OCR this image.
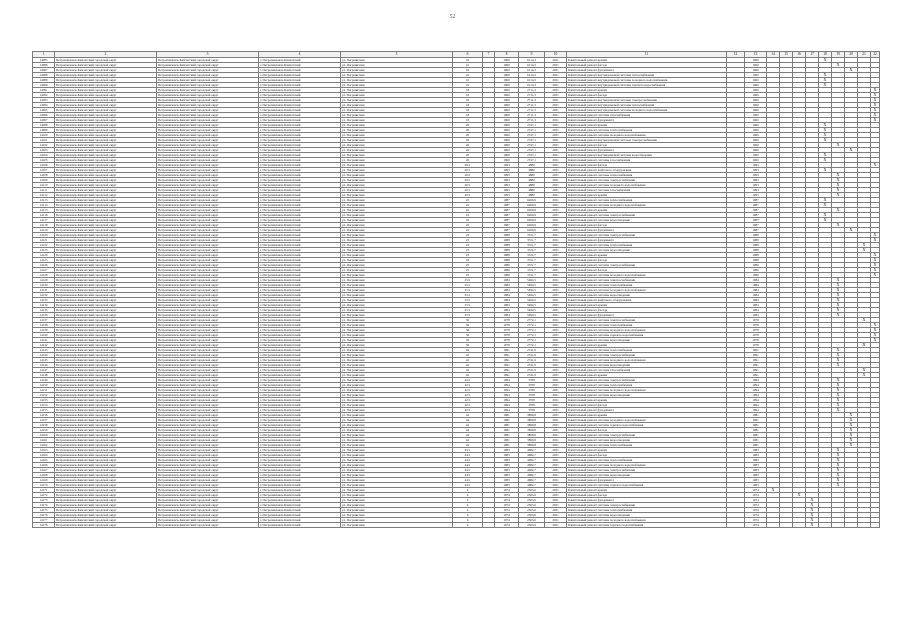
52
1	2	3	4	5	6	7	8	9	10	11	12	13	14	15	16	17	18	19	20	21	22
14085	Петропавловск-Камчатский городской округ	Петропавловск-Камчатский городской округ	г. Петропавловск-Камчатский	ул. Пограничная	16		1960	6114,3	2021	Капитальный ремонт крыши		1960					X				
14086	Петропавловск-Камчатский городской округ	Петропавловск-Камчатский городской округ	г. Петропавловск-Камчатский	ул. Пограничная	16		1960	6114,3	2021	Капитальный ремонт фасада		1960						X			
14087	Петропавловск-Камчатский городской округ	Петропавловск-Камчатский городской округ	г. Петропавловск-Камчатский	ул. Пограничная	16		1960	6114,3	2021	Капитальный ремонт фундамента		1960							X		
14088	Петропавловск-Камчатский городской округ	Петропавловск-Камчатский городской округ	г. Петропавловск-Камчатский	ул. Пограничная	16		1960	6114,3	2021	Капитальный ремонт внутридомовой системы теплоснабжения		1960					X				
14089	Петропавловск-Камчатский городской округ	Петропавловск-Камчатский городской округ	г. Петропавловск-Камчатский	ул. Пограничная	16		1960	6114,3	2021	Капитальный ремонт внутридомовой системы холодного водоснабжения		1960					X				
14090	Петропавловск-Камчатский городской округ	Петропавловск-Камчатский городской округ	г. Петропавловск-Камчатский	ул. Пограничная	16		1960	6114,3	2021	Капитальный ремонт внутридомовой системы горячего водоснабжения		1960					X				
14091	Петропавловск-Камчатский городской округ	Петропавловск-Камчатский городской округ	г. Петропавловск-Камчатский	ул. Пограничная	18		1960	2711,3	2021	Капитальный ремонт крыши		1960									X
14092	Петропавловск-Камчатский городской округ	Петропавловск-Камчатский городской округ	г. Петропавловск-Камчатский	ул. Пограничная	18		1960	2711,3	2021	Капитальный ремонт фасада		1960									X
14093	Петропавловск-Камчатский городской округ	Петропавловск-Камчатский городской округ	г. Петропавловск-Камчатский	ул. Пограничная	18		1960	2711,3	2021	Капитальный ремонт внутридомовой системы электроснабжения		1960									X
14094	Петропавловск-Камчатский городской округ	Петропавловск-Камчатский городской округ	г. Петропавловск-Камчатский	ул. Пограничная	18		1960	2711,3	2021	Капитальный ремонт внутридомовой системы теплоснабжения		1960									X
14095	Петропавловск-Камчатский городской округ	Петропавловск-Камчатский городской округ	г. Петропавловск-Камчатский	ул. Пограничная	18		1960	2711,3	2021	Капитальный ремонт внутридомовой системы холодного водоснабжения		1960									X
14096	Петропавловск-Камчатский городской округ	Петропавловск-Камчатский городской округ	г. Петропавловск-Камчатский	ул. Пограничная	18		1960	2711,3	2021	Капитальный ремонт системы газоснабжения		1960									X
14097	Петропавловск-Камчатский городской округ	Петропавловск-Камчатский городской округ	г. Петропавловск-Камчатский	ул. Пограничная	18		1960	2711,3	2021	Капитальный ремонт фундамента		1960									X
14098	Петропавловск-Камчатский городской округ	Петропавловск-Камчатский городской округ	г. Петропавловск-Камчатский	ул. Пограничная	20		1960	2747,1	2021	Капитальный ремонт крыши		1960					X				
14099	Петропавловск-Камчатский городской округ	Петропавловск-Камчатский городской округ	г. Петропавловск-Камчатский	ул. Пограничная	20		1960	2747,1	2021	Капитальный ремонт системы теплоснабжения		1960					X				
14100	Петропавловск-Камчатский городской округ	Петропавловск-Камчатский городской округ	г. Петропавловск-Камчатский	ул. Пограничная	20		1960	2747,1	2021	Капитальный ремонт системы холодного водоснабжения		1960					X				
14101	Петропавловск-Камчатский городской округ	Петропавловск-Камчатский городской округ	г. Петропавловск-Камчатский	ул. Пограничная	20		1960	2747,1	2021	Капитальный ремонт внутридомовой системы электроснабжения		1960					X				
14102	Петропавловск-Камчатский городской округ	Петропавловск-Камчатский городской округ	г. Петропавловск-Камчатский	ул. Пограничная	20		1960	2747,1	2021	Капитальный ремонт фасада		1960						X			
14103	Петропавловск-Камчатский городской округ	Петропавловск-Камчатский городской округ	г. Петропавловск-Камчатский	ул. Пограничная	20		1960	2747,1	2021	Капитальный ремонт фундамента		1960							X		
14104	Петропавловск-Камчатский городской округ	Петропавловск-Камчатский городской округ	г. Петропавловск-Камчатский	ул. Пограничная	20		1960	2747,1	2021	Капитальный ремонт внутридомовой системы водоотведения		1960					X				
14105	Петропавловск-Камчатский городской округ	Петропавловск-Камчатский городской округ	г. Петропавловск-Камчатский	ул. Пограничная	20		1960	2747,1	2021	Капитальный ремонт системы газоснабжения		1960					X				
14106	Петропавловск-Камчатский городской округ	Петропавловск-Камчатский городской округ	г. Петропавловск-Камчатский	ул. Пограничная	20/1		1993	4880	2021	Капитальный ремонт фасада		1993									X
14107	Петропавловск-Камчатский городской округ	Петропавловск-Камчатский городской округ	г. Петропавловск-Камчатский	ул. Пограничная	20/1		1993	4880	2021	Капитальный ремонт лифтового оборудования		1993					X				
14108	Петропавловск-Камчатский городской округ	Петропавловск-Камчатский городской округ	г. Петропавловск-Камчатский	ул. Пограничная	20/1		1993	4880	2021	Капитальный ремонт системы теплоснабжения		1993						X			
14109	Петропавловск-Камчатский городской округ	Петропавловск-Камчатский городской округ	г. Петропавловск-Камчатский	ул. Пограничная	20/1		1993	4880	2021	Капитальный ремонт системы электроснабжения		1993						X			
14110	Петропавловск-Камчатский городской округ	Петропавловск-Камчатский городской округ	г. Петропавловск-Камчатский	ул. Пограничная	20/1		1993	4880	2021	Капитальный ремонт системы холодного водоснабжения		1993						X			
14111	Петропавловск-Камчатский городской округ	Петропавловск-Камчатский городской округ	г. Петропавловск-Камчатский	ул. Пограничная	20/1		1993	4880	2021	Капитальный ремонт системы газоснабжения		1993						X			
14112	Петропавловск-Камчатский городской округ	Петропавловск-Камчатский городской округ	г. Петропавловск-Камчатский	ул. Пограничная	20/1		1993	4880	2021	Капитальный ремонт крыши		1993						X			
14113	Петропавловск-Камчатский городской округ	Петропавловск-Камчатский городской округ	г. Петропавловск-Камчатский	ул. Пограничная	22		1987	6269,9	2021	Капитальный ремонт системы теплоснабжения		1987					X				
14114	Петропавловск-Камчатский городской округ	Петропавловск-Камчатский городской округ	г. Петропавловск-Камчатский	ул. Пограничная	22		1987	6269,9	2021	Капитальный ремонт системы холодного водоснабжения		1987					X				
14115	Петропавловск-Камчатский городской округ	Петропавловск-Камчатский городской округ	г. Петропавловск-Камчатский	ул. Пограничная	22		1987	6269,9	2021	Капитальный ремонт крыши		1987						X			
14116	Петропавловск-Камчатский городской округ	Петропавловск-Камчатский городской округ	г. Петропавловск-Камчатский	ул. Пограничная	22		1987	6269,9	2021	Капитальный ремонт системы электроснабжения		1987					X				
14117	Петропавловск-Камчатский городской округ	Петропавловск-Камчатский городской округ	г. Петропавловск-Камчатский	ул. Пограничная	22		1987	6269,9	2021	Капитальный ремонт системы водоотведения		1987					X				
14118	Петропавловск-Камчатский городской округ	Петропавловск-Камчатский городской округ	г. Петропавловск-Камчатский	ул. Пограничная	22		1987	6269,9	2021	Капитальный ремонт фасада		1987						X			
14119	Петропавловск-Камчатский городской округ	Петропавловск-Камчатский городской округ	г. Петропавловск-Камчатский	ул. Пограничная	22		1987	6269,9	2021	Капитальный ремонт фундамента		1987							X		
14120	Петропавловск-Камчатский городской округ	Петропавловск-Камчатский городской округ	г. Петропавловск-Камчатский	ул. Пограничная	23		1988	3721,7	2021	Капитальный ремонт системы электроснабжения		1988									X
14121	Петропавловск-Камчатский городской округ	Петропавловск-Камчатский городской округ	г. Петропавловск-Камчатский	ул. Пограничная	23		1988	3721,7	2021	Капитальный ремонт фундамента		1988									X
14122	Петропавловск-Камчатский городской округ	Петропавловск-Камчатский городской округ	г. Петропавловск-Камчатский	ул. Пограничная	23		1988	3721,7	2021	Капитальный ремонт системы теплоснабжения		1988								X	
14123	Петропавловск-Камчатский городской округ	Петропавловск-Камчатский городской округ	г. Петропавловск-Камчатский	ул. Пограничная	23		1988	3721,7	2021	Капитальный ремонт системы водоотведения		1988								X	
14124	Петропавловск-Камчатский городской округ	Петропавловск-Камчатский городской округ	г. Петропавловск-Камчатский	ул. Пограничная	23		1988	3721,7	2021	Капитальный ремонт крыши		1988									X
14125	Петропавловск-Камчатский городской округ	Петропавловск-Камчатский городской округ	г. Петропавловск-Камчатский	ул. Пограничная	23		1988	3721,7	2021	Капитальный ремонт фасада		1988									X
14126	Петропавловск-Камчатский городской округ	Петропавловск-Камчатский городской округ	г. Петропавловск-Камчатский	ул. Пограничная	25		1986	3721,7	2021	Капитальный ремонт системы электроснабжения		1986									X
14127	Петропавловск-Камчатский городской округ	Петропавловск-Камчатский городской округ	г. Петропавловск-Камчатский	ул. Пограничная	25		1986	3721,7	2021	Капитальный ремонт фасада		1986									X
14128	Петропавловск-Камчатский городской округ	Петропавловск-Камчатский городской округ	г. Петропавловск-Камчатский	ул. Пограничная	25		1986	3721,7	2021	Капитальный ремонт системы холодного водоснабжения		1986									X
14129	Петропавловск-Камчатский городской округ	Петропавловск-Камчатский городской округ	г. Петропавловск-Камчатский	ул. Пограничная	25/1		1984	5494,5	2021	Капитальный ремонт системы электроснабжения		1984						X			
14130	Петропавловск-Камчатский городской округ	Петропавловск-Камчатский городской округ	г. Петропавловск-Камчатский	ул. Пограничная	25/1		1984	5494,5	2021	Капитальный ремонт системы теплоснабжения		1984						X			
14131	Петропавловск-Камчатский городской округ	Петропавловск-Камчатский городской округ	г. Петропавловск-Камчатский	ул. Пограничная	25/1		1984	5494,5	2021	Капитальный ремонт системы холодного водоснабжения		1984						X			
14132	Петропавловск-Камчатский городской округ	Петропавловск-Камчатский городской округ	г. Петропавловск-Камчатский	ул. Пограничная	25/1		1984	5494,5	2021	Капитальный ремонт системы водоотведения		1984						X			
14133	Петропавловск-Камчатский городской округ	Петропавловск-Камчатский городской округ	г. Петропавловск-Камчатский	ул. Пограничная	25/1		1984	5494,5	2021	Капитальный ремонт лифтового оборудования		1984						X			
14134	Петропавловск-Камчатский городской округ	Петропавловск-Камчатский городской округ	г. Петропавловск-Камчатский	ул. Пограничная	25/1		1984	5494,5	2021	Капитальный ремонт крыши		1984						X			
14135	Петропавловск-Камчатский городской округ	Петропавловск-Камчатский городской округ	г. Петропавловск-Камчатский	ул. Пограничная	25/1		1984	5494,5	2021	Капитальный ремонт фасада		1984						X			
14136	Петропавловск-Камчатский городской округ	Петропавловск-Камчатский городской округ	г. Петропавловск-Камчатский	ул. Пограничная	25/1		1984	5494,5	2021	Капитальный ремонт фундамента		1984						X			
14137	Петропавловск-Камчатский городской округ	Петропавловск-Камчатский городской округ	г. Петропавловск-Камчатский	ул. Пограничная	36		1978	2772,1	2021	Капитальный ремонт системы электроснабжения		1978								X	
14138	Петропавловск-Камчатский городской округ	Петропавловск-Камчатский городской округ	г. Петропавловск-Камчатский	ул. Пограничная	36		1978	2772,1	2021	Капитальный ремонт системы теплоснабжения		1978									X
14139	Петропавловск-Камчатский городской округ	Петропавловск-Камчатский городской округ	г. Петропавловск-Камчатский	ул. Пограничная	36		1978	2772,1	2021	Капитальный ремонт системы холодного водоснабжения		1978									X
14140	Петропавловск-Камчатский городской округ	Петропавловск-Камчатский городской округ	г. Петропавловск-Камчатский	ул. Пограничная	36		1978	2772,1	2021	Капитальный ремонт системы горячего водоснабжения		1978									X
14141	Петропавловск-Камчатский городской округ	Петропавловск-Камчатский городской округ	г. Петропавловск-Камчатский	ул. Пограничная	36		1978	2772,1	2021	Капитальный ремонт системы водоотведения		1978									X
14142	Петропавловск-Камчатский городской округ	Петропавловск-Камчатский городской округ	г. Петропавловск-Камчатский	ул. Пограничная	36		1978	2772,1	2021	Капитальный ремонт крыши		1978								X	
14143	Петропавловск-Камчатский городской округ	Петропавловск-Камчатский городской округ	г. Петропавловск-Камчатский	ул. Пограничная	42		1991	2741,9	2021	Капитальный ремонт системы теплоснабжения		1991						X			
14144	Петропавловск-Камчатский городской округ	Петропавловск-Камчатский городской округ	г. Петропавловск-Камчатский	ул. Пограничная	42		1991	2741,9	2021	Капитальный ремонт системы электроснабжения		1991						X			
14145	Петропавловск-Камчатский городской округ	Петропавловск-Камчатский городской округ	г. Петропавловск-Камчатский	ул. Пограничная	42		1991	2741,9	2021	Капитальный ремонт системы холодного водоснабжения		1991						X			
14146	Петропавловск-Камчатский городской округ	Петропавловск-Камчатский городской округ	г. Петропавловск-Камчатский	ул. Пограничная	42		1991	2741,9	2021	Капитальный ремонт системы водоотведения		1991						X			
14147	Петропавловск-Камчатский городской округ	Петропавловск-Камчатский городской округ	г. Петропавловск-Камчатский	ул. Пограничная	42		1991	2741,9	2021	Капитальный ремонт системы газоснабжения		1991								X	
14148	Петропавловск-Камчатский городской округ	Петропавловск-Камчатский городской округ	г. Петропавловск-Камчатский	ул. Пограничная	42		1991	2741,9	2021	Капитальный ремонт крыши		1991								X	
14149	Петропавловск-Камчатский городской округ	Петропавловск-Камчатский городской округ	г. Петропавловск-Камчатский	ул. Пограничная	42/1		1994	3708	2021	Капитальный ремонт системы электроснабжения		1994						X			
14150	Петропавловск-Камчатский городской округ	Петропавловск-Камчатский городской округ	г. Петропавловск-Камчатский	ул. Пограничная	42/1		1994	3708	2021	Капитальный ремонт системы теплоснабжения		1994						X			
14151	Петропавловск-Камчатский городской округ	Петропавловск-Камчатский городской округ	г. Петропавловск-Камчатский	ул. Пограничная	42/1		1994	3708	2021	Капитальный ремонт системы холодного водоснабжения		1994						X			
14152	Петропавловск-Камчатский городской округ	Петропавловск-Камчатский городской округ	г. Петропавловск-Камчатский	ул. Пограничная	42/1		1994	3708	2021	Капитальный ремонт системы водоотведения		1994						X			
14153	Петропавловск-Камчатский городской округ	Петропавловск-Камчатский городской округ	г. Петропавловск-Камчатский	ул. Пограничная	42/1		1994	3708	2021	Капитальный ремонт крыши		1994						X			
14154	Петропавловск-Камчатский городской округ	Петропавловск-Камчатский городской округ	г. Петропавловск-Камчатский	ул. Пограничная	42/1		1994	3708	2021	Капитальный ремонт фасада		1994						X			
14155	Петропавловск-Камчатский городской округ	Петропавловск-Камчатский городской округ	г. Петропавловск-Камчатский	ул. Пограничная	42/1		1994	3708	2021	Капитальный ремонт фундамента		1994						X			
14156	Петропавловск-Камчатский городской округ	Петропавловск-Камчатский городской округ	г. Петропавловск-Камчатский	ул. Пограничная	44		1981	3899,8	2021	Капитальный ремонт крыши		1981							X		
14157	Петропавловск-Камчатский городской округ	Петропавловск-Камчатский городской округ	г. Петропавловск-Камчатский	ул. Пограничная	44		1981	3899,8	2021	Капитальный ремонт системы холодного водоснабжения		1981							X		
14158	Петропавловск-Камчатский городской округ	Петропавловск-Камчатский городской округ	г. Петропавловск-Камчатский	ул. Пограничная	44		1981	3899,8	2021	Капитальный ремонт системы горячего водоснабжения		1981							X		
14159	Петропавловск-Камчатский городской округ	Петропавловск-Камчатский городской округ	г. Петропавловск-Камчатский	ул. Пограничная	44		1981	3899,8	2021	Капитальный ремонт фасада		1981							X		
14160	Петропавловск-Камчатский городской округ	Петропавловск-Камчатский городской округ	г. Петропавловск-Камчатский	ул. Пограничная	44		1981	3899,8	2021	Капитальный ремонт системы электроснабжения		1981							X		
14161	Петропавловск-Камчатский городской округ	Петропавловск-Камчатский городской округ	г. Петропавловск-Камчатский	ул. Пограничная	44		1981	3899,8	2021	Капитальный ремонт системы водоотведения		1981							X		
14162	Петропавловск-Камчатский городской округ	Петропавловск-Камчатский городской округ	г. Петропавловск-Камчатский	ул. Пограничная	44		1981	3899,8	2021	Капитальный ремонт системы теплоснабжения		1981							X		
14163	Петропавловск-Камчатский городской округ	Петропавловск-Камчатский городской округ	г. Петропавловск-Камчатский	ул. Пограничная	44/1		1983	4682,7	2021	Капитальный ремонт крыши		1983						X			
14164	Петропавловск-Камчатский городской округ	Петропавловск-Камчатский городской округ	г. Петропавловск-Камчатский	ул. Пограничная	44/1		1983	4682,7	2021	Капитальный ремонт фасада		1983						X			
14165	Петропавловск-Камчатский городской округ	Петропавловск-Камчатский городской округ	г. Петропавловск-Камчатский	ул. Пограничная	44/1		1983	4682,7	2021	Капитальный ремонт системы теплоснабжения		1983						X			
14166	Петропавловск-Камчатский городской округ	Петропавловск-Камчатский городской округ	г. Петропавловск-Камчатский	ул. Пограничная	44/1		1983	4682,7	2021	Капитальный ремонт системы холодного водоснабжения		1983						X			
14167	Петропавловск-Камчатский городской округ	Петропавловск-Камчатский городской округ	г. Петропавловск-Камчатский	ул. Пограничная	44/1		1983	4682,7	2021	Капитальный ремонт системы электроснабжения		1983						X			
14168	Петропавловск-Камчатский городской округ	Петропавловск-Камчатский городской округ	г. Петропавловск-Камчатский	ул. Пограничная	44/1		1983	4682,7	2021	Капитальный ремонт системы водоотведения		1983						X			
14169	Петропавловск-Камчатский городской округ	Петропавловск-Камчатский городской округ	г. Петропавловск-Камчатский	ул. Пограничная	44/1		1983	4682,7	2021	Капитальный ремонт фундамента		1983						X			
14170	Петропавловск-Камчатский городской округ	Петропавловск-Камчатский городской округ	г. Петропавловск-Камчатский	ул. Пограничная	44/1		1983	4682,7	2021	Капитальный ремонт системы горячего водоснабжения		1983						X			
14171	Петропавловск-Камчатский городской округ	Петропавловск-Камчатский городской округ	г. Петропавловск-Камчатский	ул. Пограничная	6		1974	2363,6	2021	Капитальный ремонт крыши		1974	X								
14172	Петропавловск-Камчатский городской округ	Петропавловск-Камчатский городской округ	г. Петропавловск-Камчатский	ул. Пограничная	6		1974	2363,6	2021	Капитальный ремонт фасада		1974			X						
14173	Петропавловск-Камчатский городской округ	Петропавловск-Камчатский городской округ	г. Петропавловск-Камчатский	ул. Пограничная	6		1974	2363,6	2021	Капитальный ремонт фундамента		1974				X					
14174	Петропавловск-Камчатский городской округ	Петропавловск-Камчатский городской округ	г. Петропавловск-Камчатский	ул. Пограничная	6		1974	2363,6	2021	Капитальный ремонт системы электроснабжения		1974				X					
14175	Петропавловск-Камчатский городской округ	Петропавловск-Камчатский городской округ	г. Петропавловск-Камчатский	ул. Пограничная	6		1974	2363,6	2021	Капитальный ремонт системы теплоснабжения		1974				X					
14176	Петропавловск-Камчатский городской округ	Петропавловск-Камчатский городской округ	г. Петропавловск-Камчатский	ул. Пограничная	6		1974	2363,6	2021	Капитальный ремонт системы водоотведения		1974				X					
14177	Петропавловск-Камчатский городской округ	Петропавловск-Камчатский городской округ	г. Петропавловск-Камчатский	ул. Пограничная	6		1974	2363,6	2021	Капитальный ремонт системы холодного водоснабжения		1974				X					
14178	Петропавловск-Камчатский городской округ	Петропавловск-Камчатский городской округ	г. Петропавловск-Камчатский	ул. Пограничная	6		1974	2363,6	2021	Капитальный ремонт системы горячего водоснабжения		1974				X					
